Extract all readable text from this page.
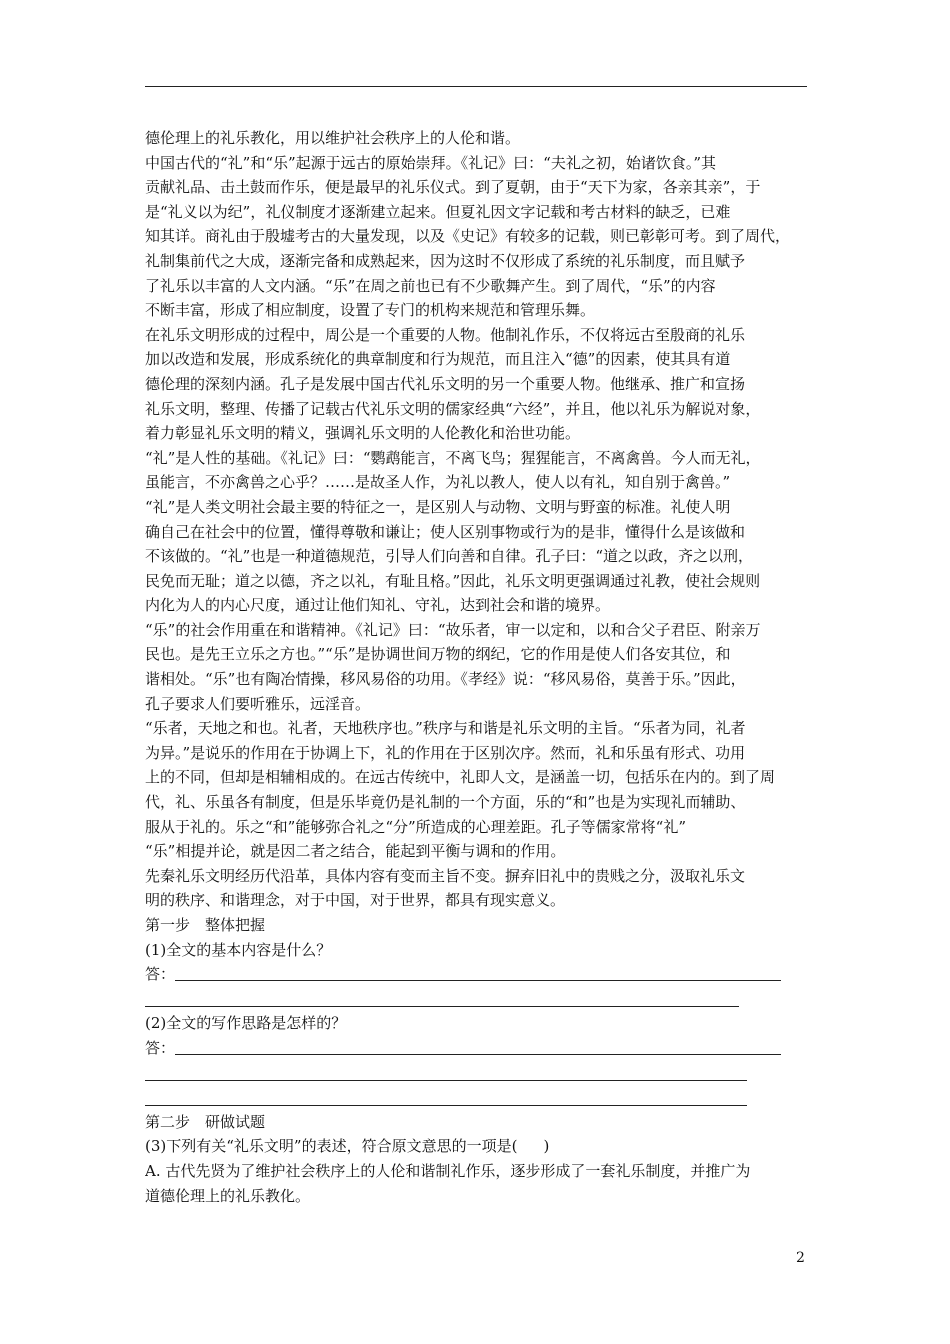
德伦理上的礼乐教化，用以维护社会秩序上的人伦和谐。

中国古代的“礼”和“乐”起源于远古的原始崇拜。《礼记》曰：“夫礼之初，始诸饮食。”其
贡献礼品、击土鼓而作乐，便是最早的礼乐仪式。到了夏朝，由于“天下为家，各亲其亲”，于
是“礼义以为纪”，礼仪制度才逐渐建立起来。但夏礼因文字记载和考古材料的缺乏，已难
知其详。商礼由于殷墟考古的大量发现，以及《史记》有较多的记载，则已彰彰可考。到了周代，
礼制集前代之大成，逐渐完备和成熟起来，因为这时不仅形成了系统的礼乐制度，而且赋予
了礼乐以丰富的人文内涵。“乐”在周之前也已有不少歌舞产生。到了周代，“乐”的内容
不断丰富，形成了相应制度，设置了专门的机构来规范和管理乐舞。

在礼乐文明形成的过程中，周公是一个重要的人物。他制礼作乐，不仅将远古至殷商的礼乐
加以改造和发展，形成系统化的典章制度和行为规范，而且注入“德”的因素，使其具有道
德伦理的深刻内涵。孔子是发展中国古代礼乐文明的另一个重要人物。他继承、推广和宣扬
礼乐文明，整理、传播了记载古代礼乐文明的儒家经典“六经”，并且，他以礼乐为解说对象，
着力彰显礼乐文明的精义，强调礼乐文明的人伦教化和治世功能。

“礼”是人性的基础。《礼记》曰：“鹦鹉能言，不离飞鸟；猩猩能言，不离禽兽。今人而无礼，
虽能言，不亦禽兽之心乎？……是故圣人作，为礼以教人，使人以有礼，知自别于禽兽。”
“礼”是人类文明社会最主要的特征之一，是区别人与动物、文明与野蛮的标准。礼使人明
确自己在社会中的位置，懂得尊敬和谦让；使人区别事物或行为的是非，懂得什么是该做和
不该做的。“礼”也是一种道德规范，引导人们向善和自律。孔子曰：“道之以政，齐之以刑，
民免而无耻；道之以德，齐之以礼，有耻且格。”因此，礼乐文明更强调通过礼教，使社会规则
内化为人的内心尺度，通过让他们知礼、守礼，达到社会和谐的境界。

“乐”的社会作用重在和谐精神。《礼记》曰：“故乐者，审一以定和，以和合父子君臣、附亲万
民也。是先王立乐之方也。”“乐”是协调世间万物的纲纪，它的作用是使人们各安其位，和
谐相处。“乐”也有陶冶情操，移风易俗的功用。《孝经》说：“移风易俗，莫善于乐。”因此，
孔子要求人们要听雅乐，远淫音。

“乐者，天地之和也。礼者，天地秩序也。”秩序与和谐是礼乐文明的主旨。“乐者为同，礼者
为异。”是说乐的作用在于协调上下，礼的作用在于区别次序。然而，礼和乐虽有形式、功用
上的不同，但却是相辅相成的。在远古传统中，礼即人文，是涵盖一切，包括乐在内的。到了周
代，礼、乐虽各有制度，但是乐毕竟仍是礼制的一个方面，乐的“和”也是为实现礼而辅助、
服从于礼的。乐之“和”能够弥合礼之“分”所造成的心理差距。孔子等儒家常将“礼”
“乐”相提并论，就是因二者之结合，能起到平衡与调和的作用。

先秦礼乐文明经历代沿革，具体内容有变而主旨不变。摒弃旧礼中的贵贱之分，汲取礼乐文
明的秩序、和谐理念，对于中国，对于世界，都具有现实意义。

第一步　整体把握

(1)全文的基本内容是什么？

答：

(2)全文的写作思路是怎样的？

答：

第二步　研做试题

(3)下列有关“礼乐文明”的表述，符合原文意思的一项是( )

A. 古代先贤为了维护社会秩序上的人伦和谐制礼作乐，逐步形成了一套礼乐制度，并推广为
道德伦理上的礼乐教化。
2
